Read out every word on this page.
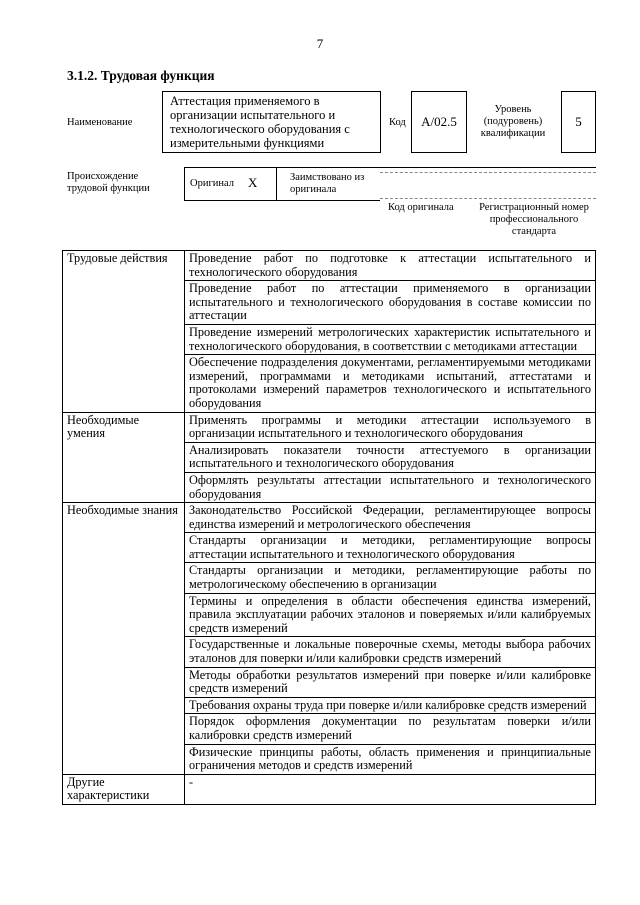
7
3.1.2. Трудовая функция
Наименование
Аттестация применяемого в организации испытательного и технологического оборудования с измерительными функциями
Код A/02.5
Уровень (подуровень) квалификации
5
Происхождение трудовой функции	Оригинал X	Заимствовано из оригинала
Код оригинала	Регистрационный номер профессионального стандарта
Трудовые действия	Проведение работ по подготовке к аттестации испытательного и технологического оборудования
	Проведение работ по аттестации применяемого в организации испытательного и технологического оборудования в составе комиссии по аттестации
	Проведение измерений метрологических характеристик испытательного и технологического оборудования, в соответствии с методиками аттестации
	Обеспечение подразделения документами, регламентируемыми методиками измерений, программами и методиками испытаний, аттестатами и протоколами измерений параметров технологического и испытательного оборудования
Необходимые умения	Применять программы и методики аттестации используемого в организации испытательного и технологического оборудования
	Анализировать показатели точности аттестуемого в организации испытательного и технологического оборудования
	Оформлять результаты аттестации испытательного и технологического оборудования
Необходимые знания	Законодательство Российской Федерации, регламентирующее вопросы единства измерений и метрологического обеспечения
	Стандарты организации и методики, регламентирующие вопросы аттестации испытательного и технологического оборудования
	Стандарты организации и методики, регламентирующие работы по метрологическому обеспечению в организации
	Термины и определения в области обеспечения единства измерений, правила эксплуатации рабочих эталонов и поверяемых и/или калибруемых средств измерений
	Государственные и локальные поверочные схемы, методы выбора рабочих эталонов для поверки и/или калибровки средств измерений
	Методы обработки результатов измерений при поверке и/или калибровке средств измерений
	Требования охраны труда при поверке и/или калибровке средств измерений
	Порядок оформления документации по результатам поверки и/или калибровки средств измерений
	Физические принципы работы, область применения и принципиальные ограничения методов и средств измерений
Другие характеристики	-
